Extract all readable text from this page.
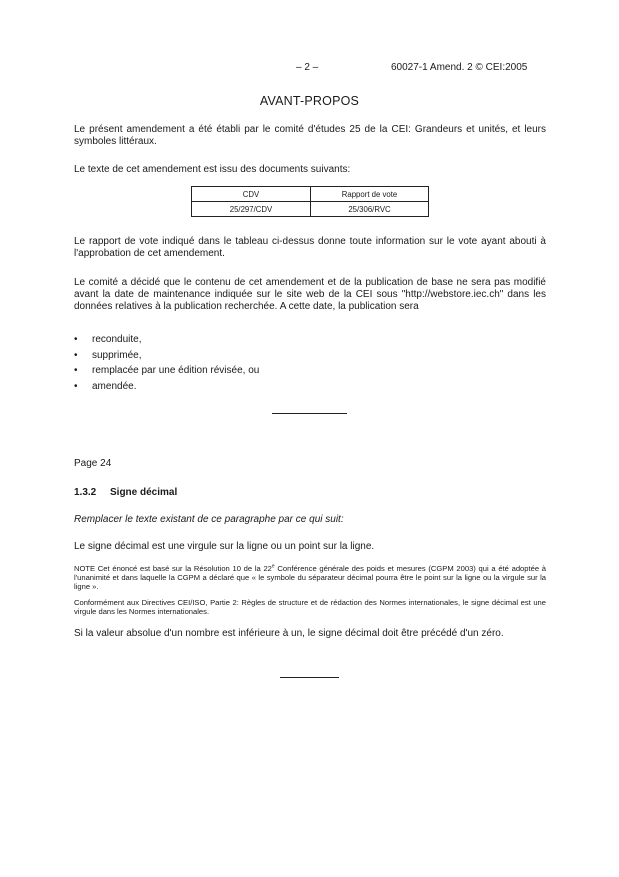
– 2 –	60027-1 Amend. 2 © CEI:2005
AVANT-PROPOS
Le présent amendement a été établi par le comité d'études 25 de la CEI: Grandeurs et unités, et leurs symboles littéraux.
Le texte de cet amendement est issu des documents suivants:
CDV	Rapport de vote
25/297/CDV	25/306/RVC
Le rapport de vote indiqué dans le tableau ci-dessus donne toute information sur le vote ayant abouti à l'approbation de cet amendement.
Le comité a décidé que le contenu de cet amendement et de la publication de base ne sera pas modifié avant la date de maintenance indiquée sur le site web de la CEI sous "http://webstore.iec.ch" dans les données relatives à la publication recherchée. A cette date, la publication sera
• reconduite,
• supprimée,
• remplacée par une édition révisée, ou
• amendée.
Page 24
1.3.2 Signe décimal
Remplacer le texte existant de ce paragraphe par ce qui suit:
Le signe décimal est une virgule sur la ligne ou un point sur la ligne.
NOTE Cet énoncé est basé sur la Résolution 10 de la 22e Conférence générale des poids et mesures (CGPM 2003) qui a été adoptée à l'unanimité et dans laquelle la CGPM a déclaré que « le symbole du séparateur décimal pourra être le point sur la ligne ou la virgule sur la ligne ».
Conformément aux Directives CEI/ISO, Partie 2: Règles de structure et de rédaction des Normes internationales, le signe décimal est une virgule dans les Normes internationales.
Si la valeur absolue d'un nombre est inférieure à un, le signe décimal doit être précédé d'un zéro.
